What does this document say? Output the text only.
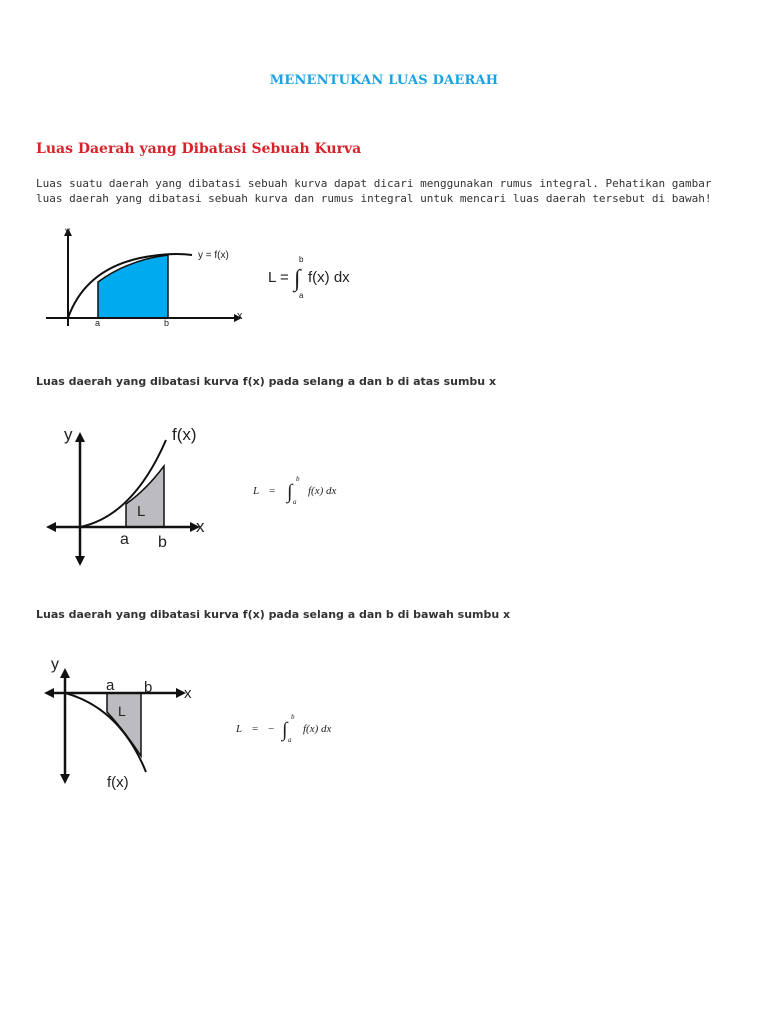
MENENTUKAN LUAS DAERAH
Luas Daerah yang Dibatasi Sebuah Kurva
Luas suatu daerah yang dibatasi sebuah kurva dapat dicari menggunakan rumus integral. Pehatikan gambar
luas daerah yang dibatasi sebuah kurva dan rumus integral untuk mencari luas daerah tersebut di bawah!
y
x
y = f(x)
a	b
L = ∫
b
a
f(x) dx
Luas daerah yang dibatasi kurva f(x) pada selang a dan b di atas sumbu x
y
x
f(x)
L
a b
L = ∫
b
a
f(x) dx
Luas daerah yang dibatasi kurva f(x) pada selang a dan b di bawah sumbu x
y
x
f(x)
L
a b
L = − ∫
b
a
f(x) dx
